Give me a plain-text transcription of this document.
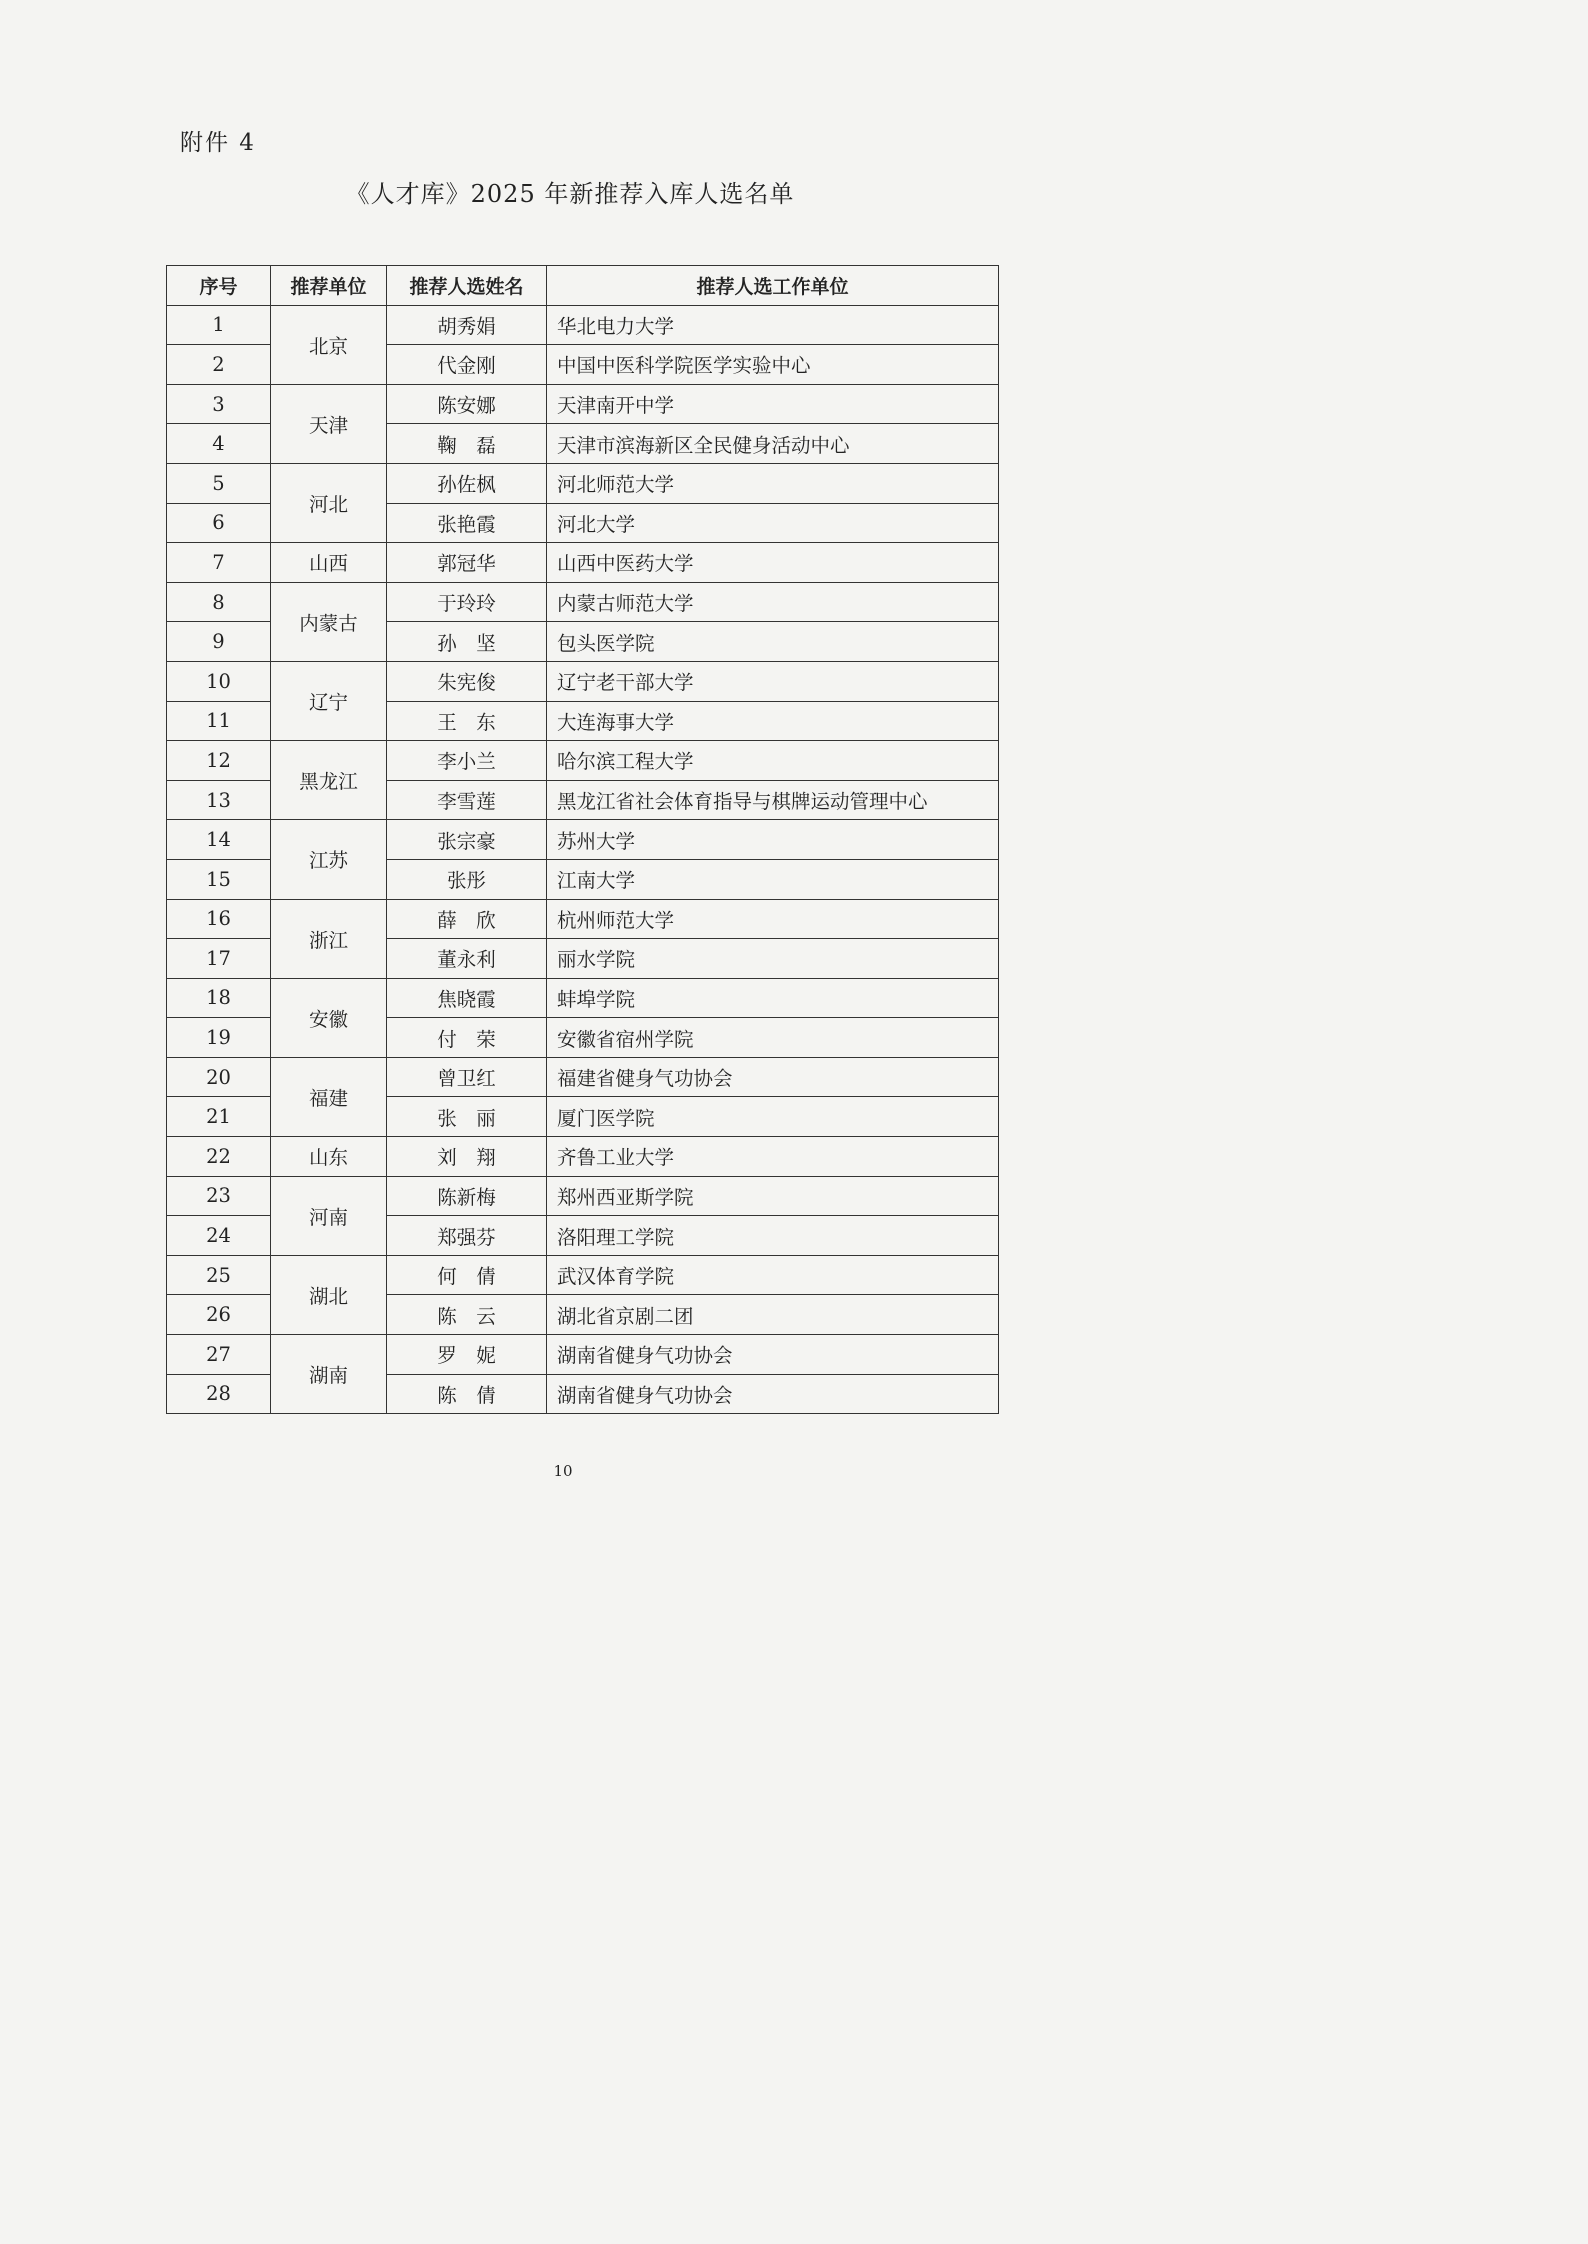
附件 4
《人才库》2025 年新推荐入库人选名单
序号	推荐单位	推荐人选姓名	推荐人选工作单位
1	北京	胡秀娟	华北电力大学
2		代金刚	中国中医科学院医学实验中心
3	天津	陈安娜	天津南开中学
4		鞠　磊	天津市滨海新区全民健身活动中心
5	河北	孙佐枫	河北师范大学
6		张艳霞	河北大学
7	山西	郭冠华	山西中医药大学
8	内蒙古	于玲玲	内蒙古师范大学
9		孙　坚	包头医学院
10	辽宁	朱宪俊	辽宁老干部大学
11		王　东	大连海事大学
12	黑龙江	李小兰	哈尔滨工程大学
13		李雪莲	黑龙江省社会体育指导与棋牌运动管理中心
14	江苏	张宗豪	苏州大学
15		张彤	江南大学
16	浙江	薛　欣	杭州师范大学
17		董永利	丽水学院
18	安徽	焦晓霞	蚌埠学院
19		付　荣	安徽省宿州学院
20	福建	曾卫红	福建省健身气功协会
21		张　丽	厦门医学院
22	山东	刘　翔	齐鲁工业大学
23	河南	陈新梅	郑州西亚斯学院
24		郑强芬	洛阳理工学院
25	湖北	何　倩	武汉体育学院
26		陈　云	湖北省京剧二团
27	湖南	罗　妮	湖南省健身气功协会
28		陈　倩	湖南省健身气功协会
10
